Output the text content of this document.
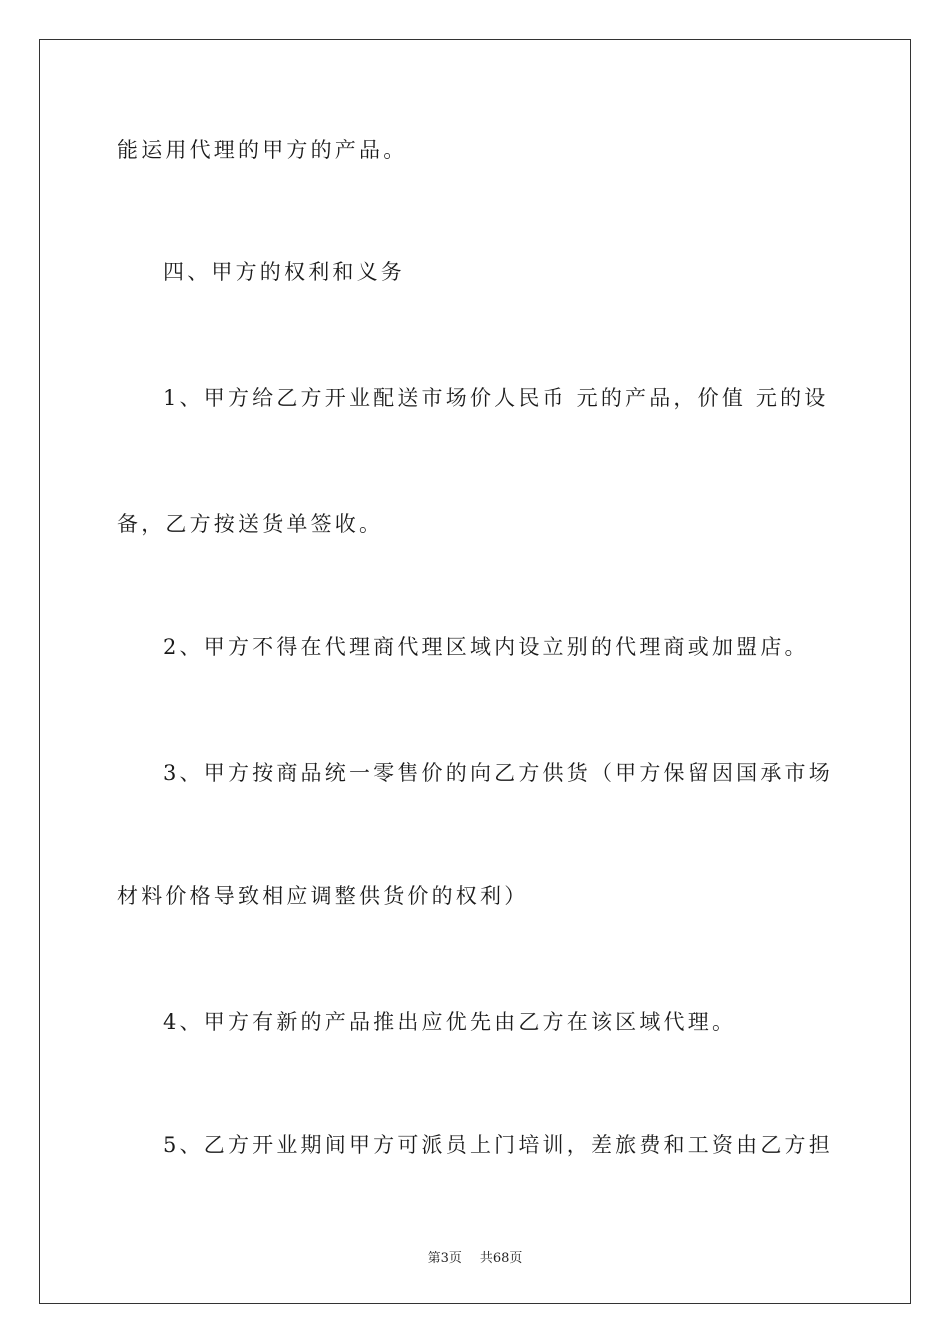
能运用代理的甲方的产品。
四、甲方的权利和义务
1、甲方给乙方开业配送市场价人民币 元的产品，价值 元的设
备，乙方按送货单签收。
2、甲方不得在代理商代理区域内设立别的代理商或加盟店。
3、甲方按商品统一零售价的向乙方供货（甲方保留因国承市场
材料价格导致相应调整供货价的权利）
4、甲方有新的产品推出应优先由乙方在该区域代理。
5、乙方开业期间甲方可派员上门培训，差旅费和工资由乙方担
第3页 共68页
